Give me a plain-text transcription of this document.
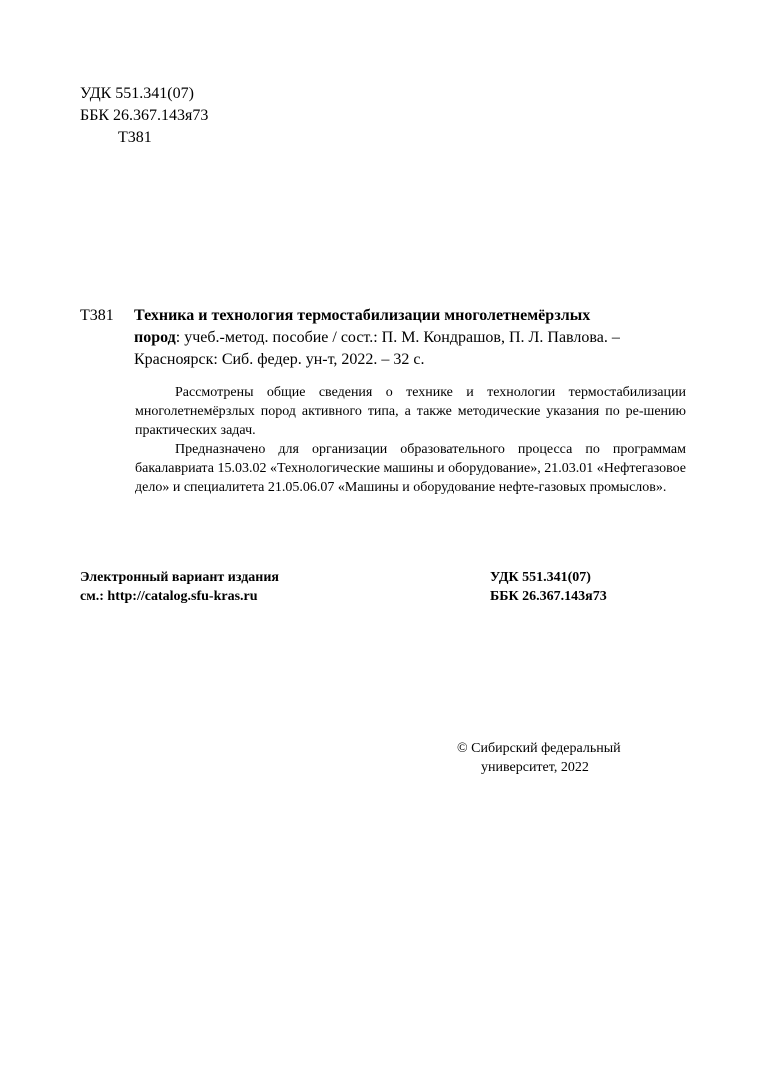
УДК 551.341(07)
ББК 26.367.143я73
Т381
Т381 Техника и технология термостабилизации многолетнемёрзлых
пород: учеб.-метод. пособие / сост.: П. М. Кондрашов, П. Л. Павлова. –
Красноярск: Сиб. федер. ун-т, 2022. – 32 с.

Рассмотрены общие сведения о технике и технологии термостабилизации многолетнемёрзлых пород активного типа, а также методические указания по ре-шению практических задач.

Предназначено для организации образовательного процесса по программам бакалавриата 15.03.02 «Технологические машины и оборудование», 21.03.01 «Нефтегазовое дело» и специалитета 21.05.06.07 «Машины и оборудование нефте-газовых промыслов».

Электронный вариант издания
см.: http://catalog.sfu-kras.ru
УДК 551.341(07)
ББК 26.367.143я73
© Сибирский федеральный
университет, 2022
